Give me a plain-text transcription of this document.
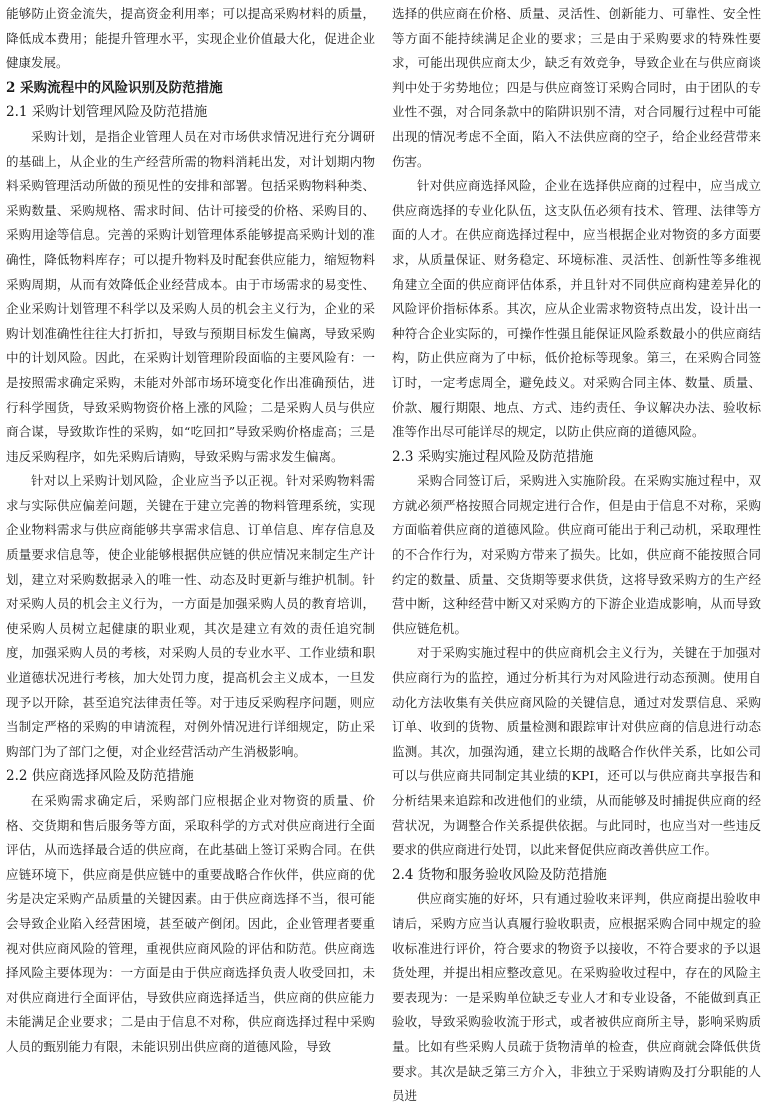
能够防止资金流失，提高资金利用率；可以提高采购材料的质量，降低成本费用；能提升管理水平，实现企业价值最大化，促进企业健康发展。

2 采购流程中的风险识别及防范措施
2.1 采购计划管理风险及防范措施

采购计划，是指企业管理人员在对市场供求情况进行充分调研的基础上，从企业的生产经营所需的物料消耗出发，对计划期内物料采购管理活动所做的预见性的安排和部署。包括采购物料种类、采购数量、采购规格、需求时间、估计可接受的价格、采购目的、采购用途等信息。完善的采购计划管理体系能够提高采购计划的准确性，降低物料库存；可以提升物料及时配套供应能力，缩短物料采购周期，从而有效降低企业经营成本。由于市场需求的易变性、企业采购计划管理不科学以及采购人员的机会主义行为，企业的采购计划准确性往往大打折扣，导致与预期目标发生偏离，导致采购中的计划风险。因此，在采购计划管理阶段面临的主要风险有：一是按照需求确定采购，未能对外部市场环境变化作出准确预估，进行科学囤货，导致采购物资价格上涨的风险；二是采购人员与供应商合谋，导致欺诈性的采购，如“吃回扣”导致采购价格虚高；三是违反采购程序，如先采购后请购，导致采购与需求发生偏离。

针对以上采购计划风险，企业应当予以正视。针对采购物料需求与实际供应偏差问题，关键在于建立完善的物料管理系统，实现企业物料需求与供应商能够共享需求信息、订单信息、库存信息及质量要求信息等，使企业能够根据供应链的供应情况来制定生产计划，建立对采购数据录入的唯一性、动态及时更新与维护机制。针对采购人员的机会主义行为，一方面是加强采购人员的教育培训，使采购人员树立起健康的职业观，其次是建立有效的责任追究制度，加强采购人员的考核，对采购人员的专业水平、工作业绩和职业道德状况进行考核，加大处罚力度，提高机会主义成本，一旦发现予以开除，甚至追究法律责任等。对于违反采购程序问题，则应当制定严格的采购的申请流程，对例外情况进行详细规定，防止采购部门为了部门之便，对企业经营活动产生消极影响。

2.2 供应商选择风险及防范措施

在采购需求确定后，采购部门应根据企业对物资的质量、价格、交货期和售后服务等方面，采取科学的方式对供应商进行全面评估，从而选择最合适的供应商，在此基础上签订采购合同。在供应链环境下，供应商是供应链中的重要战略合作伙伴，供应商的优劣是决定采购产品质量的关键因素。由于供应商选择不当，很可能会导致企业陷入经营困境，甚至破产倒闭。因此，企业管理者要重视对供应商风险的管理，重视供应商风险的评估和防范。供应商选择风险主要体现为：一方面是由于供应商选择负责人收受回扣，未对供应商进行全面评估，导致供应商选择适当，供应商的供应能力未能满足企业要求；二是由于信息不对称，供应商选择过程中采购人员的甄别能力有限，未能识别出供应商的道德风险，导致

选择的供应商在价格、质量、灵活性、创新能力、可靠性、安全性等方面不能持续满足企业的要求；三是由于采购要求的特殊性要求，可能出现供应商太少，缺乏有效竞争，导致企业在与供应商谈判中处于劣势地位；四是与供应商签订采购合同时，由于团队的专业性不强，对合同条款中的陷阱识别不清，对合同履行过程中可能出现的情况考虑不全面，陷入不法供应商的空子，给企业经营带来伤害。

针对供应商选择风险，企业在选择供应商的过程中，应当成立供应商选择的专业化队伍，这支队伍必须有技术、管理、法律等方面的人才。在供应商选择过程中，应当根据企业对物资的多方面要求，从质量保证、财务稳定、环境标准、灵活性、创新性等多维视角建立全面的供应商评估体系，并且针对不同供应商构建差异化的风险评价指标体系。其次，应从企业需求物资特点出发，设计出一种符合企业实际的，可操作性强且能保证风险系数最小的供应商结构，防止供应商为了中标，低价抢标等现象。第三，在采购合同签订时，一定考虑周全，避免歧义。对采购合同主体、数量、质量、价款、履行期限、地点、方式、违约责任、争议解决办法、验收标准等作出尽可能详尽的规定，以防止供应商的道德风险。

2.3 采购实施过程风险及防范措施

采购合同签订后，采购进入实施阶段。在采购实施过程中，双方就必须严格按照合同规定进行合作，但是由于信息不对称，采购方面临着供应商的道德风险。供应商可能出于利己动机，采取理性的不合作行为，对采购方带来了损失。比如，供应商不能按照合同约定的数量、质量、交货期等要求供货，这将导致采购方的生产经营中断，这种经营中断又对采购方的下游企业造成影响，从而导致供应链危机。

对于采购实施过程中的供应商机会主义行为，关键在于加强对供应商行为的监控，通过分析其行为对风险进行动态预测。使用自动化方法收集有关供应商风险的关键信息，通过对发票信息、采购订单、收到的货物、质量检测和跟踪审计对供应商的信息进行动态监测。其次，加强沟通，建立长期的战略合作伙伴关系，比如公司可以与供应商共同制定其业绩的KPI，还可以与供应商共享报告和分析结果来追踪和改进他们的业绩，从而能够及时捕捉供应商的经营状况，为调整合作关系提供依据。与此同时，也应当对一些违反要求的供应商进行处罚，以此来督促供应商改善供应工作。

2.4 货物和服务验收风险及防范措施

供应商实施的好坏，只有通过验收来评判，供应商提出验收申请后，采购方应当认真履行验收职责，应根据采购合同中规定的验收标准进行评价，符合要求的物资予以接收，不符合要求的予以退货处理，并提出相应整改意见。在采购验收过程中，存在的风险主要表现为：一是采购单位缺乏专业人才和专业设备，不能做到真正验收，导致采购验收流于形式，或者被供应商所主导，影响采购质量。比如有些采购人员疏于货物清单的检查，供应商就会降低供货要求。其次是缺乏第三方介入，非独立于采购请购及打分职能的人员进
